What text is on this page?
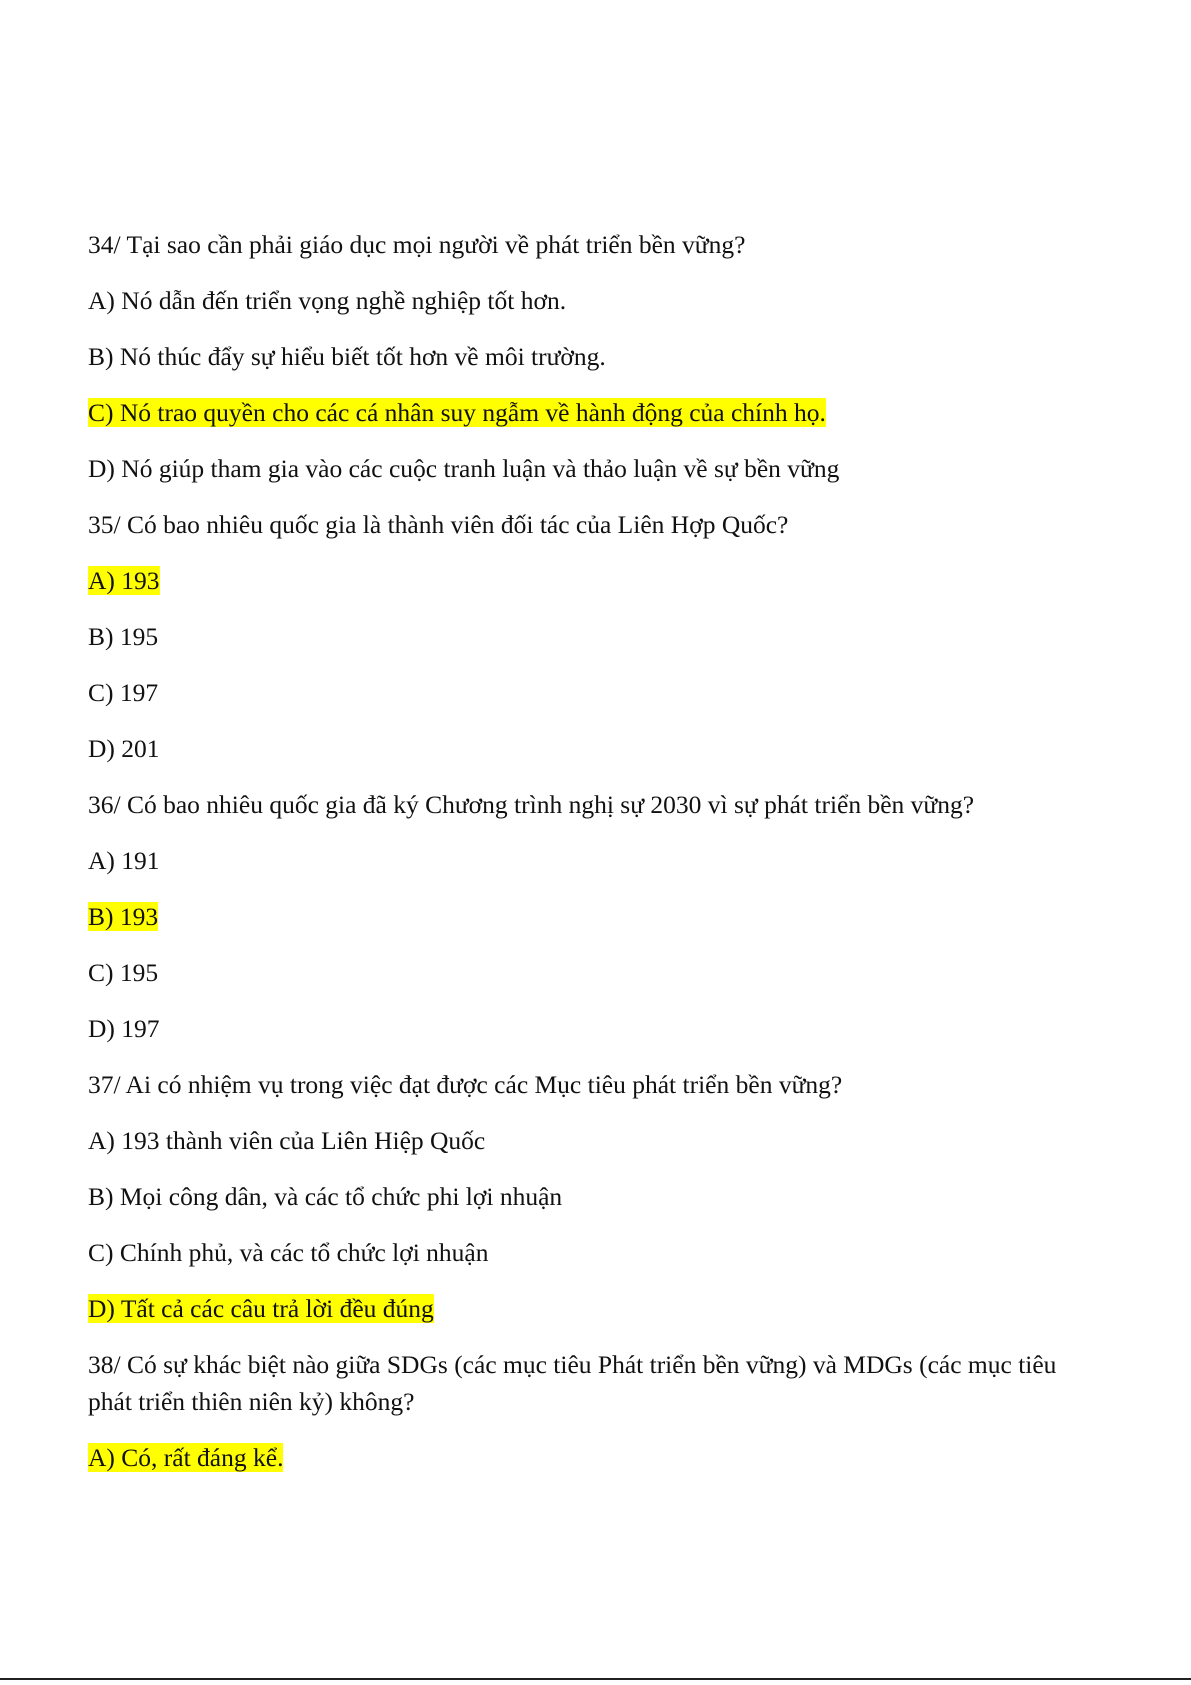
34/ Tại sao cần phải giáo dục mọi người về phát triển bền vững?

A) Nó dẫn đến triển vọng nghề nghiệp tốt hơn.

B) Nó thúc đẩy sự hiểu biết tốt hơn về môi trường.

C) Nó trao quyền cho các cá nhân suy ngẫm về hành động của chính họ.

D) Nó giúp tham gia vào các cuộc tranh luận và thảo luận về sự bền vững

35/ Có bao nhiêu quốc gia là thành viên đối tác của Liên Hợp Quốc?

A) 193

B) 195

C) 197

D) 201

36/ Có bao nhiêu quốc gia đã ký Chương trình nghị sự 2030 vì sự phát triển bền vững?

A) 191

B) 193

C) 195

D) 197

37/ Ai có nhiệm vụ trong việc đạt được các Mục tiêu phát triển bền vững?

A) 193 thành viên của Liên Hiệp Quốc

B) Mọi công dân, và các tổ chức phi lợi nhuận

C) Chính phủ, và các tổ chức lợi nhuận

D) Tất cả các câu trả lời đều đúng

38/ Có sự khác biệt nào giữa SDGs (các mục tiêu Phát triển bền vững) và MDGs (các mục tiêu phát triển thiên niên kỷ) không?

A) Có, rất đáng kể.
